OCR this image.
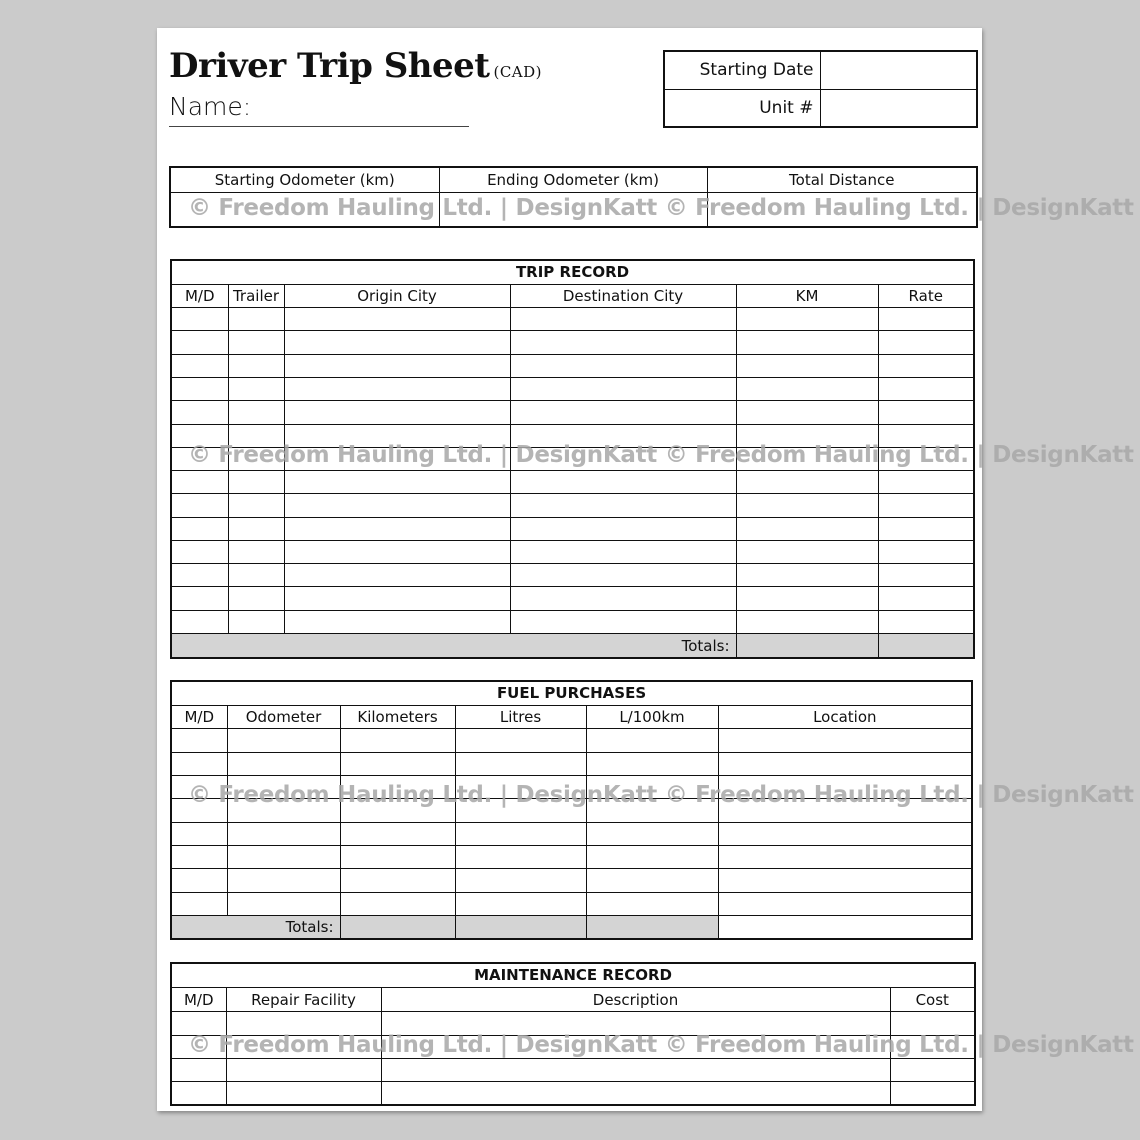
Driver Trip Sheet (CAD)
Name:
Starting Date	
Unit #	
Starting Odometer (km)	Ending Odometer (km)	Total Distance

TRIP RECORD					
M/D	Trailer	Origin City	Destination City	KM	Rate

Totals:					
FUEL PURCHASES					
M/D	Odometer	Kilometers	Litres	L/100km	Location

Totals:					
MAINTENANCE RECORD			
M/D	Repair Facility	Description	Cost

© Freedom Hauling Ltd. | DesignKatt © Freedom Hauling Ltd. | DesignKatt
© Freedom Hauling Ltd. | DesignKatt © Freedom Hauling Ltd. | DesignKatt
© Freedom Hauling Ltd. | DesignKatt © Freedom Hauling Ltd. | DesignKatt
© Freedom Hauling Ltd. | DesignKatt © Freedom Hauling Ltd. | DesignKatt
